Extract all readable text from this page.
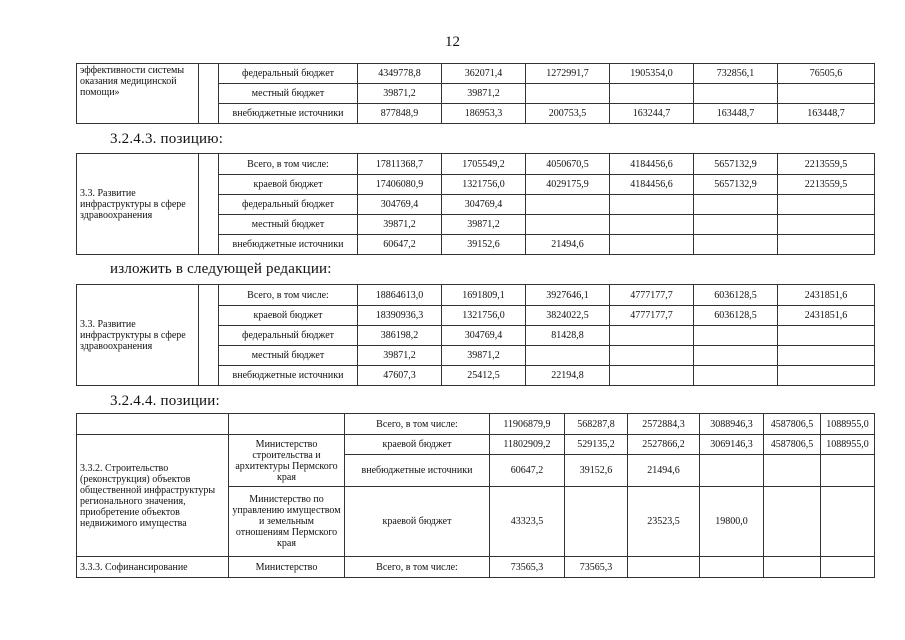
12
эффективности системы оказания медицинской помощи»		федеральный бюджет	4349778,8	362071,4	1272991,7	1905354,0	732856,1	76505,6
		местный бюджет	39871,2	39871,2				
		внебюджетные источники	877848,9	186953,3	200753,5	163244,7	163448,7	163448,7
3.2.4.3. позицию:
3.3. Развитие инфраструктуры в сфере здравоохранения		Всего, в том числе:	17811368,7	1705549,2	4050670,5	4184456,6	5657132,9	2213559,5
		краевой бюджет	17406080,9	1321756,0	4029175,9	4184456,6	5657132,9	2213559,5
		федеральный бюджет	304769,4	304769,4				
		местный бюджет	39871,2	39871,2				
		внебюджетные источники	60647,2	39152,6	21494,6			
изложить в следующей редакции:
3.3. Развитие инфраструктуры в сфере здравоохранения		Всего, в том числе:	18864613,0	1691809,1	3927646,1	4777177,7	6036128,5	2431851,6
		краевой бюджет	18390936,3	1321756,0	3824022,5	4777177,7	6036128,5	2431851,6
		федеральный бюджет	386198,2	304769,4	81428,8			
		местный бюджет	39871,2	39871,2				
		внебюджетные источники	47607,3	25412,5	22194,8			
3.2.4.4. позиции:
		Всего, в том числе:	11906879,9	568287,8	2572884,3	3088946,3	4587806,5	1088955,0
3.3.2. Строительство (реконструкция) объектов общественной инфраструктуры регионального значения, приобретение объектов недвижимого имущества	Министерство строительства и архитектуры Пермского края	краевой бюджет	11802909,2	529135,2	2527866,2	3069146,3	4587806,5	1088955,0
		внебюджетные источники	60647,2	39152,6	21494,6			
	Министерство по управлению имуществом и земельным отношениям Пермского края	краевой бюджет	43323,5		23523,5	19800,0		
3.3.3. Софинансирование	Министерство	Всего, в том числе:	73565,3	73565,3				
